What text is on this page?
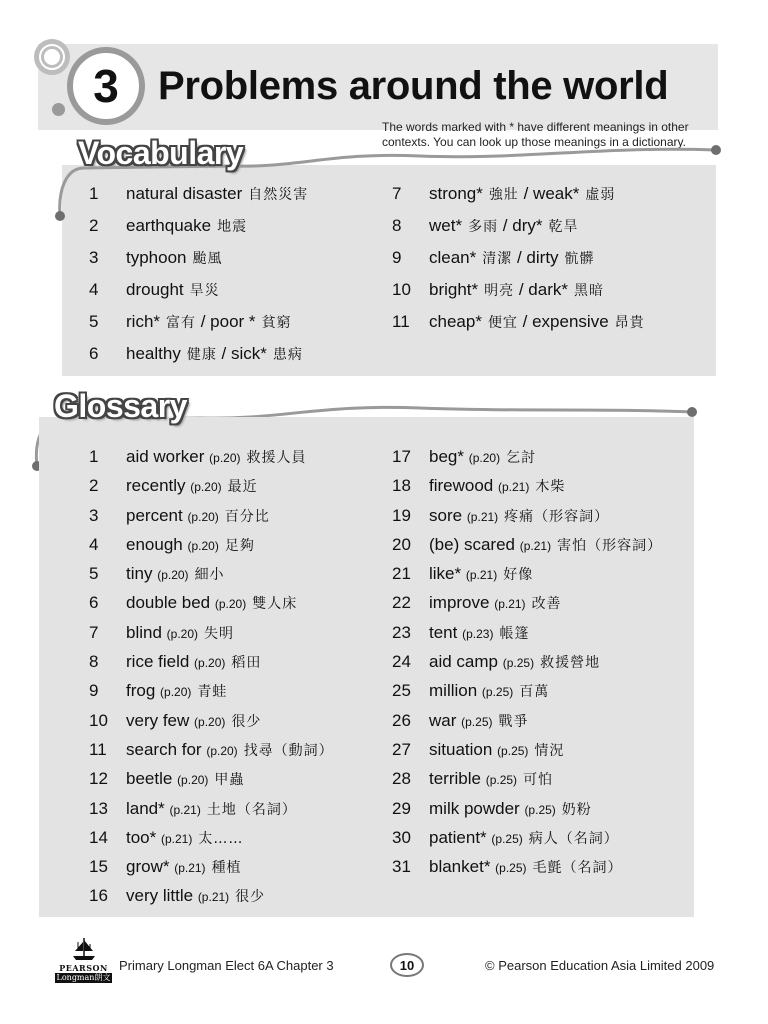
3 Problems around the world
The words marked with * have different meanings in other contexts. You can look up those meanings in a dictionary.
Vocabulary
1	natural disaster 自然災害
2	earthquake 地震
3	typhoon 颱風
4	drought 旱災
5	rich* 富有 / poor * 貧窮
6	healthy 健康 / sick* 患病
7	strong* 強壯 / weak* 虛弱
8	wet* 多雨 / dry* 乾旱
9	clean* 清潔 / dirty 骯髒
10	bright* 明亮 / dark* 黑暗
11	cheap* 便宜 / expensive 昂貴
Glossary
1	aid worker (p.20) 救援人員
2	recently (p.20) 最近
3	percent (p.20) 百分比
4	enough (p.20) 足夠
5	tiny (p.20) 細小
6	double bed (p.20) 雙人床
7	blind (p.20) 失明
8	rice field (p.20) 稻田
9	frog (p.20) 青蛙
10	very few (p.20) 很少
11	search for (p.20) 找尋（動詞）
12	beetle (p.20) 甲蟲
13	land* (p.21) 土地（名詞）
14	too* (p.21) 太……
15	grow* (p.21) 種植
16	very little (p.21) 很少
17	beg* (p.20) 乞討
18	firewood (p.21) 木柴
19	sore (p.21) 疼痛（形容詞）
20	(be) scared (p.21) 害怕（形容詞）
21	like* (p.21) 好像
22	improve (p.21) 改善
23	tent (p.23) 帳篷
24	aid camp (p.25) 救援營地
25	million (p.25) 百萬
26	war (p.25) 戰爭
27	situation (p.25) 情況
28	terrible (p.25) 可怕
29	milk powder (p.25) 奶粉
30	patient* (p.25) 病人（名詞）
31	blanket* (p.25) 毛氈（名詞）
PEARSON
Longman朗文
Primary Longman Elect 6A Chapter 3	10	© Pearson Education Asia Limited 2009
